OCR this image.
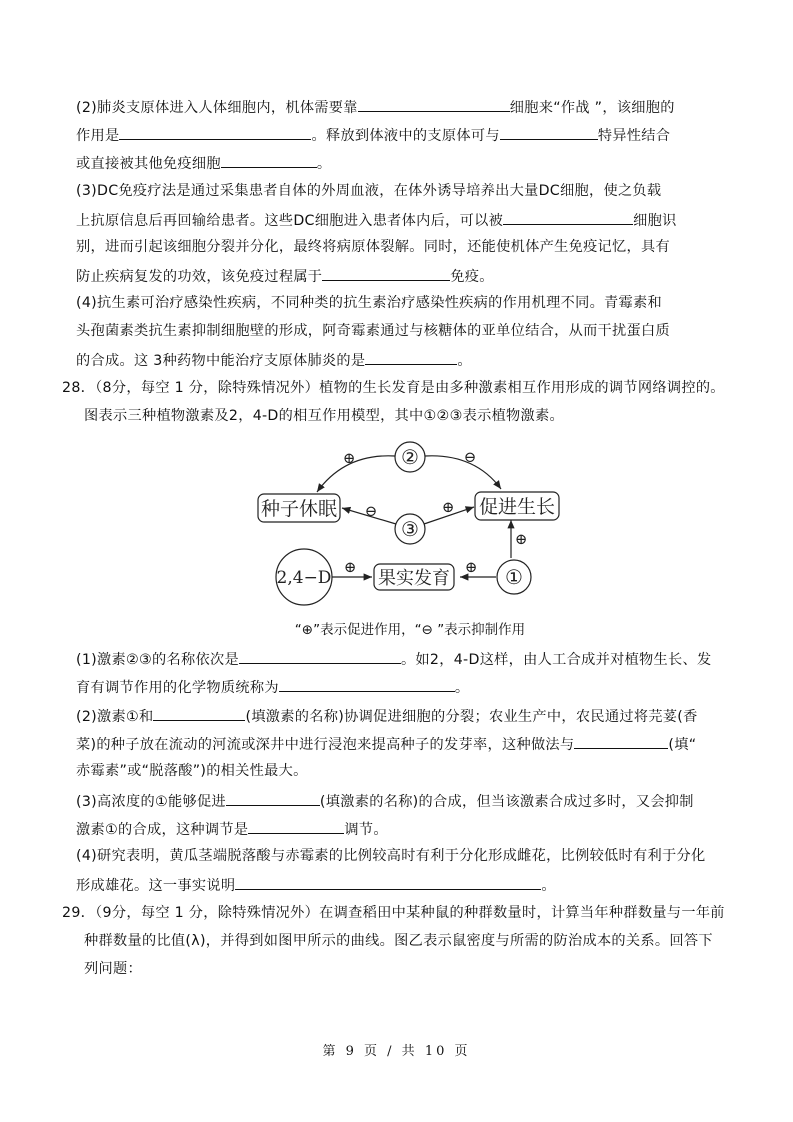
(2)肺炎支原体进入人体细胞内，机体需要靠	细胞来“作战 ”，该细胞的
作用是	。释放到体液中的支原体可与	特异性结合
或直接被其他免疫细胞	。
(3)DC免疫疗法是通过采集患者自体的外周血液，在体外诱导培养出大量DC细胞，使之负载
上抗原信息后再回输给患者。这些DC细胞进入患者体内后，可以被	细胞识
别，进而引起该细胞分裂并分化，最终将病原体裂解。同时，还能使机体产生免疫记忆，具有
防止疾病复发的功效，该免疫过程属于	免疫。
(4)抗生素可治疗感染性疾病，不同种类的抗生素治疗感染性疾病的作用机理不同。青霉素和
头孢菌素类抗生素抑制细胞壁的形成，阿奇霉素通过与核糖体的亚单位结合，从而干扰蛋白质
的合成。这 3种药物中能治疗支原体肺炎的是	。
28．（8分，每空 1 分，除特殊情况外）植物的生长发育是由多种激素相互作用形成的调节网络调控的。
图表示三种植物激素及2，4-D的相互作用模型，其中①②③表示植物激素。
②
③
①
2,4−D
种子休眠	促进生长
果实发育
⊕	⊖
⊖	⊕
⊕
⊕
⊕
“⊕”表示促进作用，“⊖ ”表示抑制作用
(1)激素②③的名称依次是	。如2，4-D这样，由人工合成并对植物生长、发
育有调节作用的化学物质统称为	。
(2)激素①和	(填激素的名称)协调促进细胞的分裂；农业生产中，农民通过将芫荽(香
菜)的种子放在流动的河流或深井中进行浸泡来提高种子的发芽率，这种做法与	(填“
赤霉素”或“脱落酸”)的相关性最大。
(3)高浓度的①能够促进	(填激素的名称)的合成，但当该激素合成过多时，又会抑制
激素①的合成，这种调节是	调节。
(4)研究表明，黄瓜茎端脱落酸与赤霉素的比例较高时有利于分化形成雌花，比例较低时有利于分化
形成雄花。这一事实说明	。
29．（9分，每空 1 分，除特殊情况外）在调查稻田中某种鼠的种群数量时，计算当年种群数量与一年前
种群数量的比值(λ)，并得到如图甲所示的曲线。图乙表示鼠密度与所需的防治成本的关系。回答下
列问题：
第 9 页 / 共 10 页
